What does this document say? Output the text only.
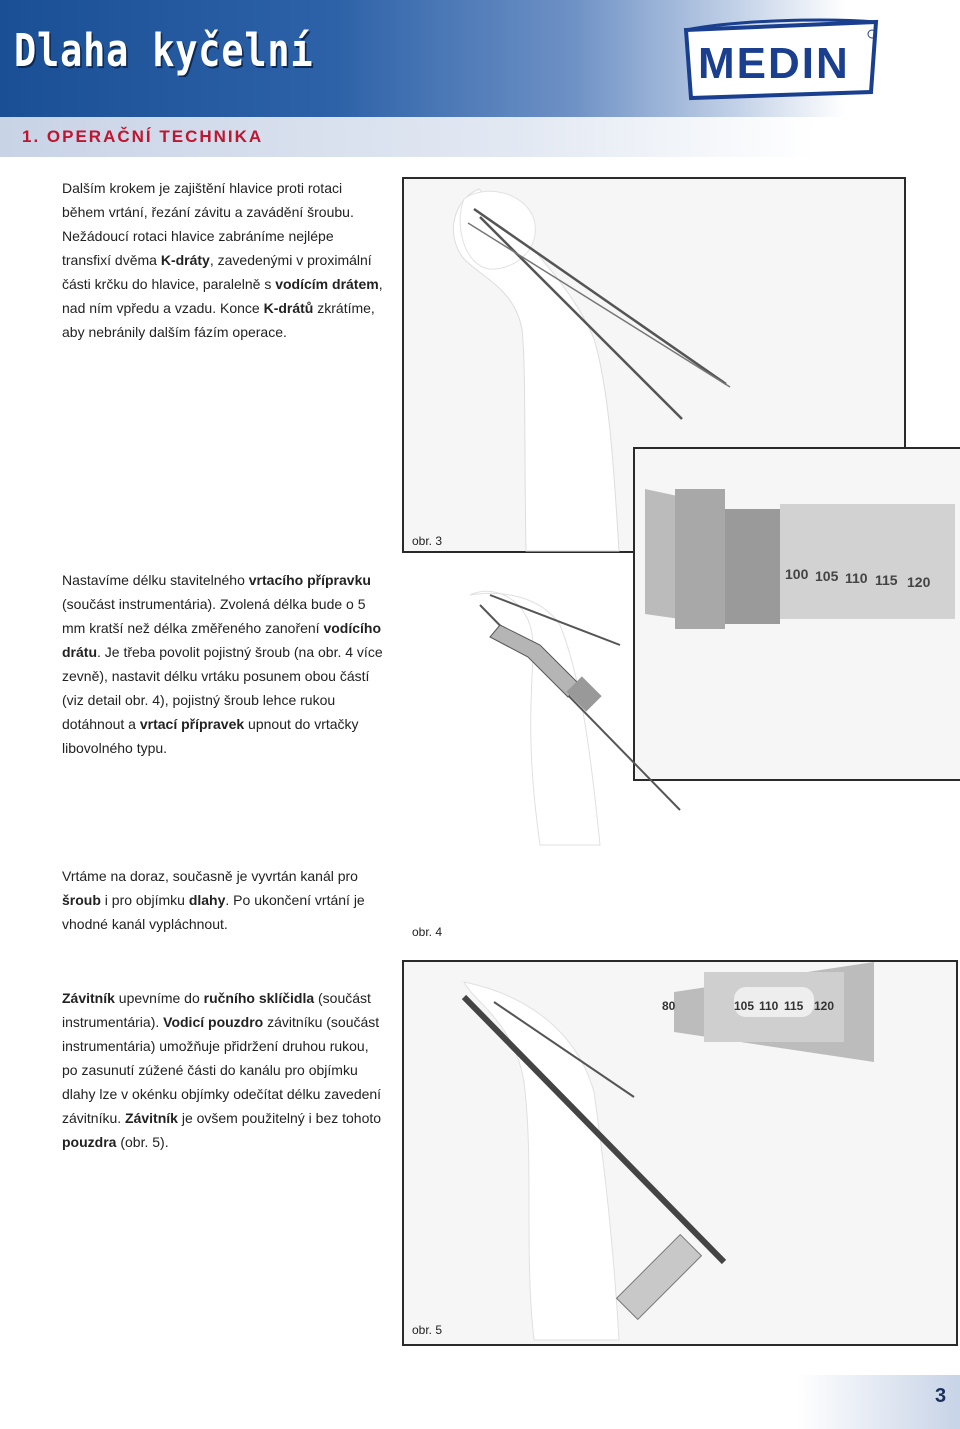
Dlaha kyčelní	MEDIN
1. OPERAČNÍ TECHNIKA
Dalším krokem je zajištění hlavice proti rotaci během vrtání, řezání závitu a zavádění šroubu. Nežádoucí rotaci hlavice zabráníme nejlépe transfixí dvěma K-dráty, zavedenými v proximální části krčku do hlavice, paralelně s vodícím drátem, nad ním vpředu a vzadu. Konce K-drátů zkrátíme, aby nebránily dalším fázím operace.
Nastavíme délku stavitelného vrtacího přípravku (součást instrumentária). Zvolená délka bude o 5 mm kratší než délka změřeného zanoření vodícího drátu. Je třeba povolit pojistný šroub (na obr. 4 více zevně), nastavit délku vrtáku posunem obou částí (viz detail obr. 4), pojistný šroub lehce rukou dotáhnout a vrtací přípravek upnout do vrtačky libovolného typu.
Vrtáme na doraz, současně je vyvrtán kanál pro šroub i pro objímku dlahy. Po ukončení vrtání je vhodné kanál vypláchnout.
Závitník upevníme do ručního sklíčidla (součást instrumentária). Vodicí pouzdro závitníku (součást instrumentária) umožňuje přidržení druhou rukou, po zasunutí zúžené části do kanálu pro objímku dlahy lze v okénku objímky odečítat délku zavedení závitníku. Závitník je ovšem použitelný i bez tohoto pouzdra (obr. 5).
obr. 3
100 105 110 115 120
obr. 4
80	105 110 115 120
obr. 5
3
